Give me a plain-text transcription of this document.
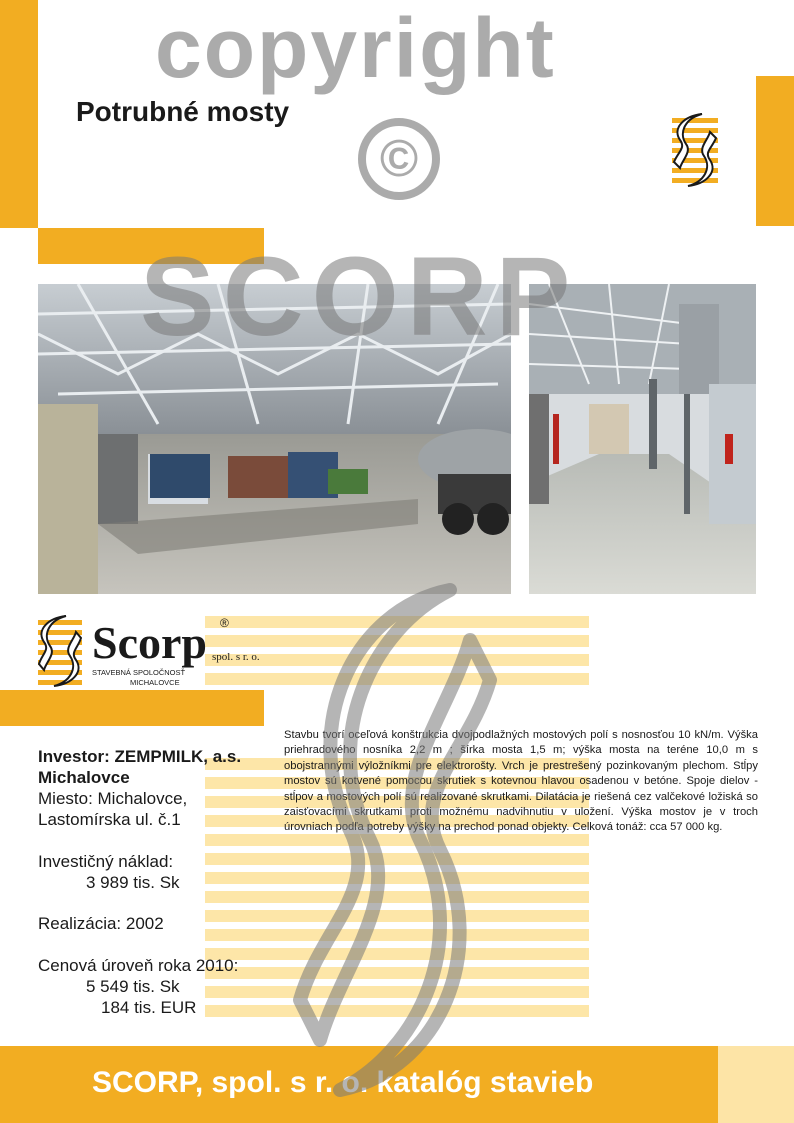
Potrubné mosty
Scorp ®
STAVEBNÁ SPOLOČNOSŤ
MICHALOVCE
spol. s r. o.
Investor: ZEMPMILK, a.s.
Michalovce
Miesto: Michalovce,
Lastomírska ul. č.1
Investičný náklad:
3 989 tis. Sk
Realizácia: 2002
Cenová úroveň roka 2010:
5 549 tis. Sk
184 tis. EUR
Stavbu tvorí oceľová konštrukcia dvojpodlažných mostových polí s nosnosťou 10 kN/m. Výška priehradového nosníka 2,2 m ; šírka mosta 1,5 m; výška mosta na teréne 10,0 m s obojstrannými výložníkmi pre elektrorošty. Vrch je prestrešený pozinkovaným plechom. Stĺpy mostov sú kotvené pomocou skrutiek s kotevnou hlavou osadenou v betóne. Spoje dielov - stĺpov a mostových polí sú realizované skrutkami. Dilatácia je riešená cez valčekové ložiská so zaisťovacími skrutkami proti možnému nadvihnutiu v uložení. Výška mostov je v troch úrovniach podľa potreby výšky na prechod ponad objekty. Celková tonáž: cca 57 000 kg.
SCORP, spol. s r. o. katalóg stavieb
copyright
©
SCORP
